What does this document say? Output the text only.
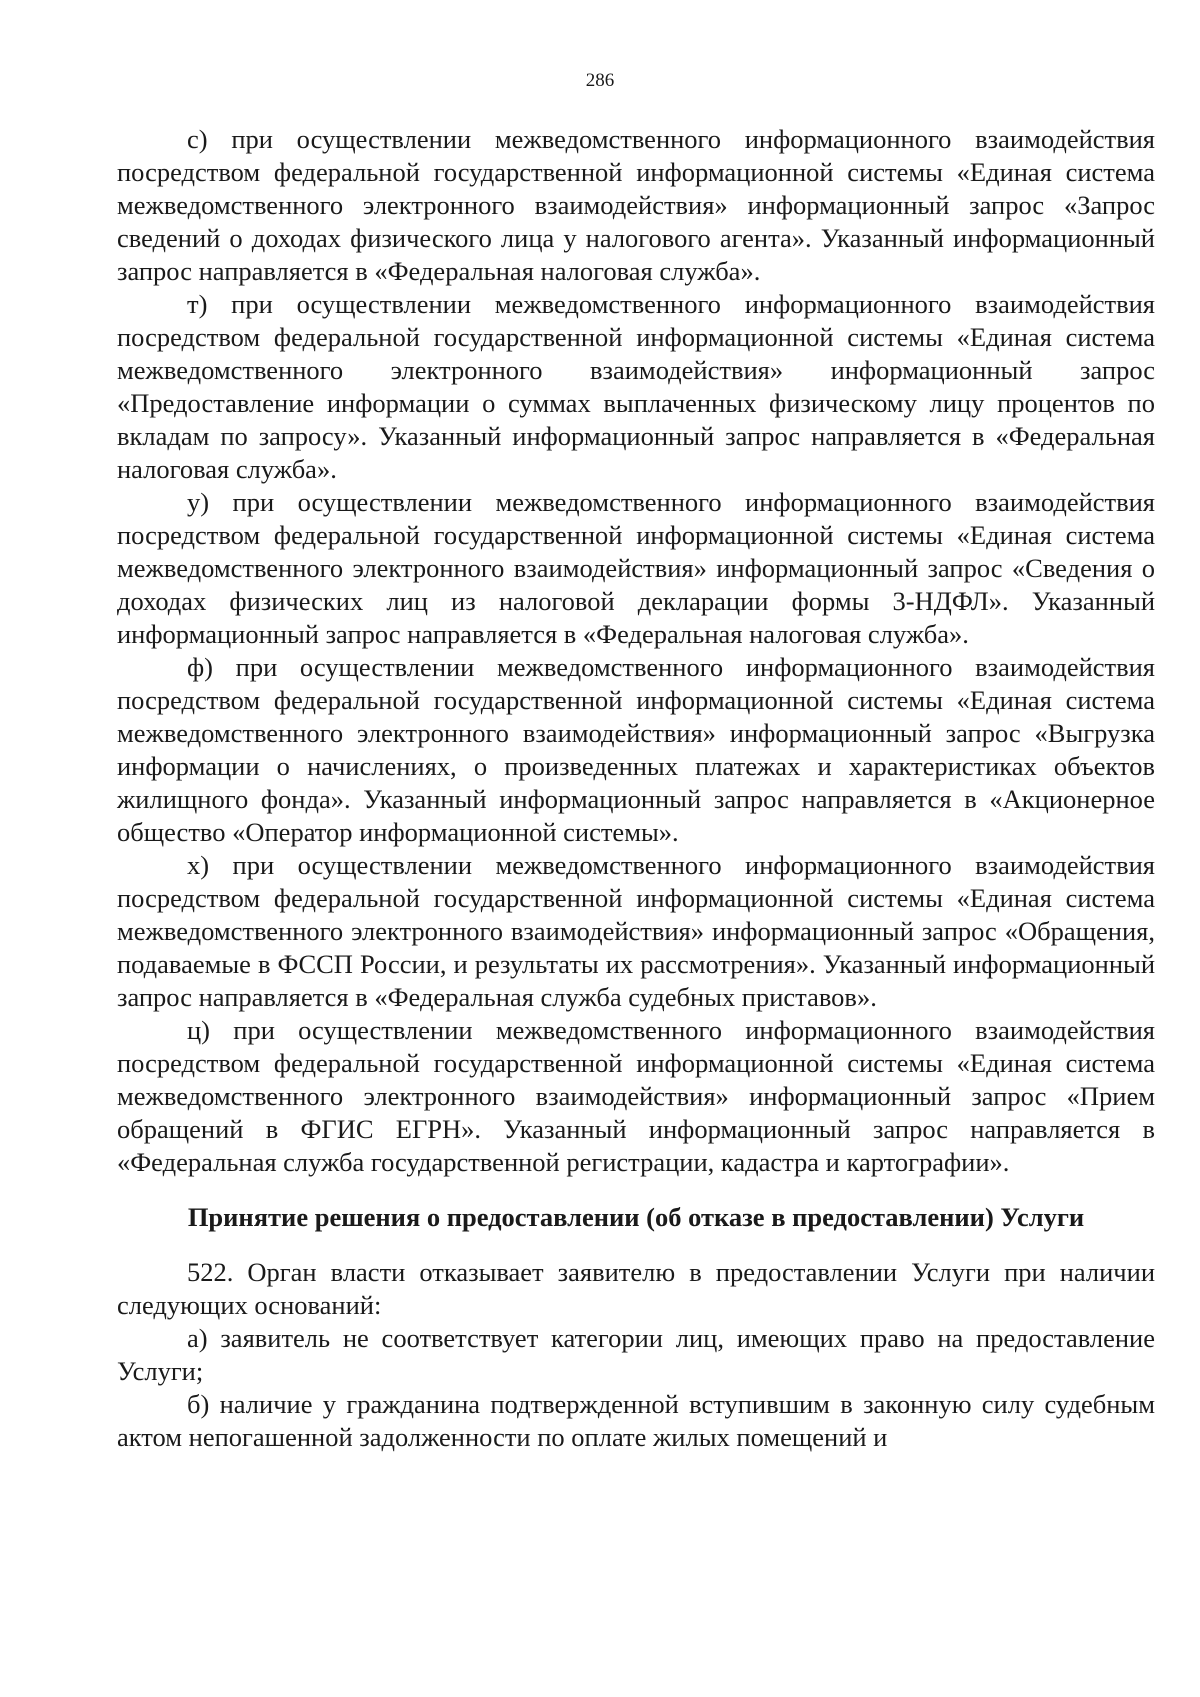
286

с) при осуществлении межведомственного информационного взаимодействия посредством федеральной государственной информационной системы «Единая система межведомственного электронного взаимодействия» информационный запрос «Запрос сведений о доходах физического лица у налогового агента». Указанный информационный запрос направляется в «Федеральная налоговая служба».

т) при осуществлении межведомственного информационного взаимодействия посредством федеральной государственной информационной системы «Единая система межведомственного электронного взаимодействия» информационный запрос «Предоставление информации о суммах выплаченных физическому лицу процентов по вкладам по запросу». Указанный информационный запрос направляется в «Федеральная налоговая служба».

у) при осуществлении межведомственного информационного взаимодействия посредством федеральной государственной информационной системы «Единая система межведомственного электронного взаимодействия» информационный запрос «Сведения о доходах физических лиц из налоговой декларации формы 3-НДФЛ». Указанный информационный запрос направляется в «Федеральная налоговая служба».

ф) при осуществлении межведомственного информационного взаимодействия посредством федеральной государственной информационной системы «Единая система межведомственного электронного взаимодействия» информационный запрос «Выгрузка информации о начислениях, о произведенных платежах и характеристиках объектов жилищного фонда». Указанный информационный запрос направляется в «Акционерное общество «Оператор информационной системы».

х) при осуществлении межведомственного информационного взаимодействия посредством федеральной государственной информационной системы «Единая система межведомственного электронного взаимодействия» информационный запрос «Обращения, подаваемые в ФССП России, и результаты их рассмотрения». Указанный информационный запрос направляется в «Федеральная служба судебных приставов».

ц) при осуществлении межведомственного информационного взаимодействия посредством федеральной государственной информационной системы «Единая система межведомственного электронного взаимодействия» информационный запрос «Прием обращений в ФГИС ЕГРН». Указанный информационный запрос направляется в «Федеральная служба государственной регистрации, кадастра и картографии».

Принятие решения о предоставлении (об отказе в предоставлении) Услуги

522. Орган власти отказывает заявителю в предоставлении Услуги при наличии следующих оснований:

а) заявитель не соответствует категории лиц, имеющих право на предоставление Услуги;

б) наличие у гражданина подтвержденной вступившим в законную силу судебным актом непогашенной задолженности по оплате жилых помещений и
